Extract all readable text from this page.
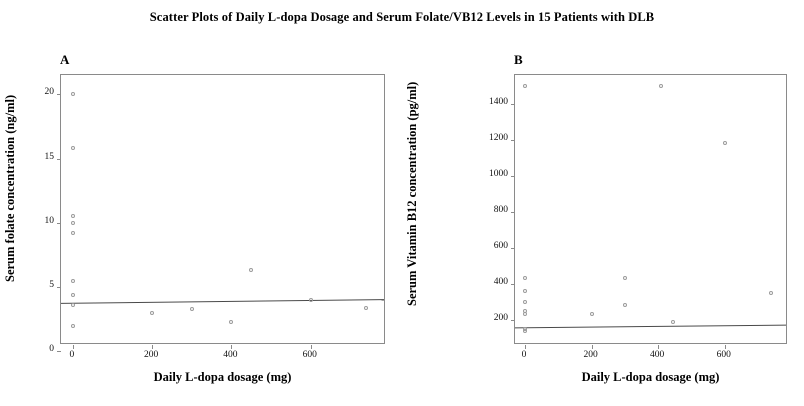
Scatter Plots of Daily L-dopa Dosage and Serum Folate/VB12 Levels in 15 Patients with DLB
A
Serum folate concentration (ng/ml)
Daily L-dopa dosage (mg)
0
5
10
15
20
0	200	400	600
B
Serum Vitamin B12 concentration (pg/ml)
Daily L-dopa dosage (mg)
200
400
600
800
1000
1200
1400
0	200	400	600
